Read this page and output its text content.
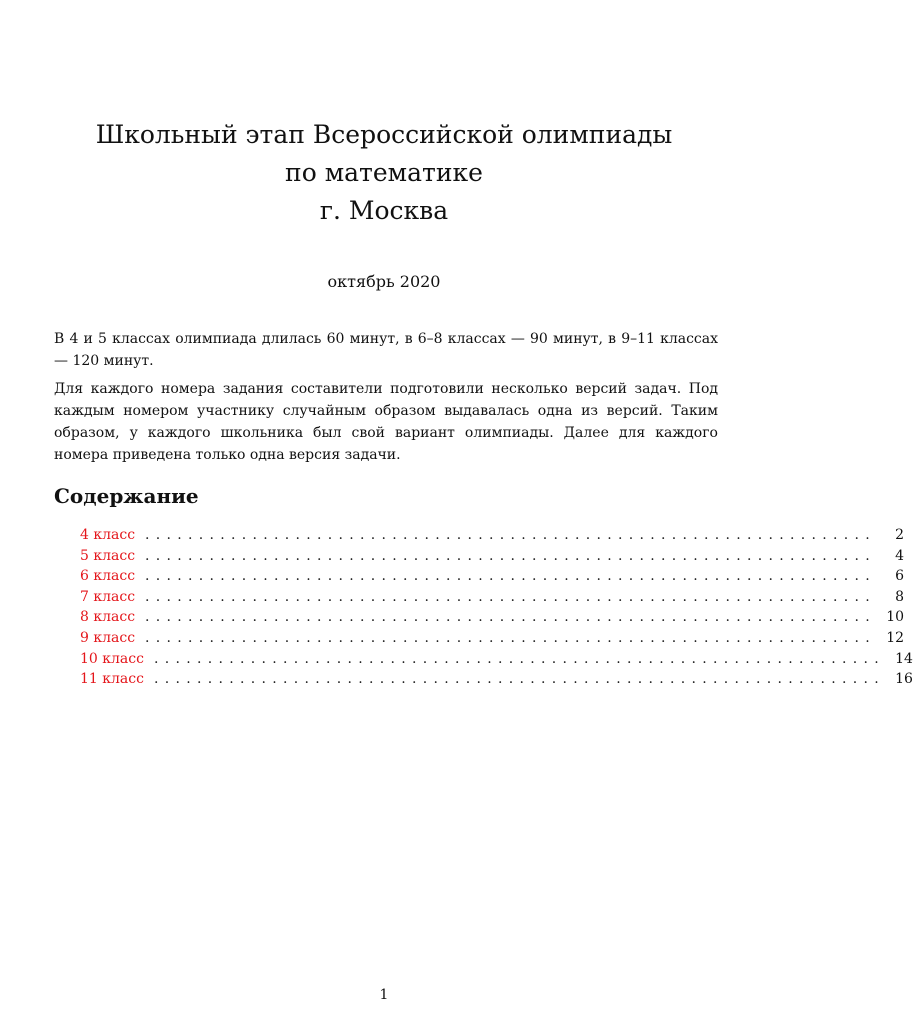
Школьный этап Всероссийской олимпиады
по математике
г. Москва
октябрь 2020

В 4 и 5 классах олимпиада длилась 60 минут, в 6–8 классах — 90 минут, в 9–11 классах — 120 минут.

Для каждого номера задания составители подготовили несколько версий задач. Под каждым номером участнику случайным образом выдавалась одна из версий. Таким образом, у каждого школьника был свой вариант олимпиады. Далее для каждого номера приведена только одна версия задачи.

Содержание
4 класс ....................................................................	2
5 класс ....................................................................	4
6 класс ....................................................................	6
7 класс ....................................................................	8
8 класс .................................................................... 10
9 класс .................................................................... 12
10 класс .................................................................... 14
11 класс .................................................................... 16
1
